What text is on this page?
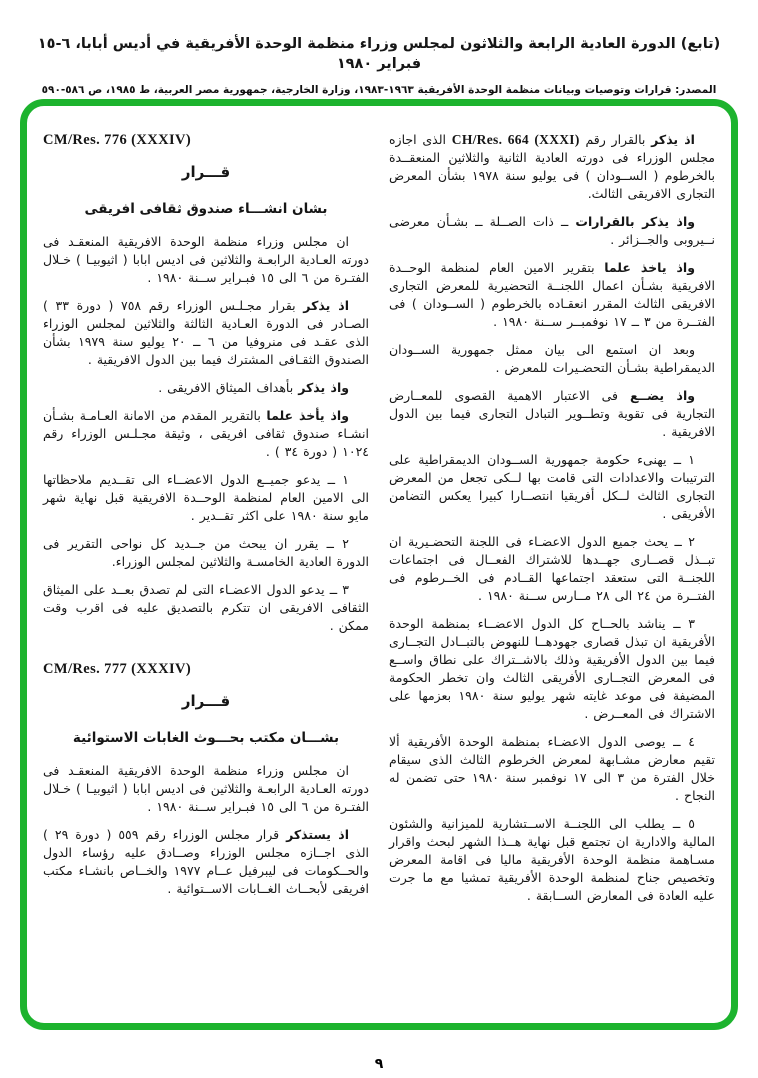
(تابع) الدورة العادية الرابعة والثلاثون لمجلس وزراء منظمة الوحدة الأفريقية في أديس أبابا، ٦-١٥ فبراير ١٩٨٠
المصدر: قرارات وتوصيات وبيانات منظمة الوحدة الأفريقية ١٩٦٣-١٩٨٣، وزارة الخارجية، جمهورية مصر العربية، ط ١٩٨٥، ص ٥٨٦-٥٩٠

اذ يذكر بالقرار رقم CH/Res. 664 (XXXI) الذى اجازه مجلس الوزراء فى دورته العادية الثانية والثلاثين المنعقــدة بالخرطوم ( الســودان ) فى يوليو سنة ١٩٧٨ بشأن المعرض التجارى الافريقى الثالث.

واذ يذكر بالقرارات ــ ذات الصــلة ــ بشـأن معرضى نــيروبى والجــزائر .

واذ ياخذ علما بتقرير الامين العام لمنظمة الوحــدة الافريقية بشـأن اعمال اللجنــة التحضيرية للمعرض التجارى الافريقى الثالث المقرر انعقـاده بالخرطوم ( الســودان ) فى الفتــرة من ٣ ــ ١٧ نوفمبــر ســنة ١٩٨٠ .

وبعد ان استمع الى بيان ممثل جمهورية الســودان الديمقراطية بشـأن التحضـيرات للمعرض .

واذ يضــع فى الاعتبار الاهمية القصوى للمعــارض التجارية فى تقوية وتطــوير التبادل التجارى فيما بين الدول الافريقية .

١ ــ يهنىء حكومة جمهورية الســودان الديمقراطية على الترتيبات والاعدادات التى قامت بها لــكى تجعل من المعرض التجارى الثالث لــكل أفريقيا انتصــارا كبيرا يعكس التضامن الأفريقى .

٢ ــ يحث جميع الدول الاعضـاء فى اللجنة التحضـيرية ان تبــذل قصــارى جهــدها للاشتراك الفعــال فى اجتماعات اللجنــة التى ستعقد اجتماعها القــادم فى الخــرطوم فى الفتــرة من ٢٤ الى ٢٨ مــارس ســنة ١٩٨٠ .

٣ ــ يناشد بالحــاح كل الدول الاعضــاء بمنظمة الوحدة الأفريقية ان تبذل قصارى جهودهــا للنهوض بالتبــادل التجــارى فيما بين الدول الأفريقية وذلك بالاشــتراك على نطاق واســع فى المعرض التجــارى الأفريقى الثالث وان تخطر الحكومة المضيفة فى موعد غايته شهر يوليو سنة ١٩٨٠ بعزمها على الاشتراك فى المعــرض .

٤ ــ يوصى الدول الاعضـاء بمنظمة الوحدة الأفريقية ألا تقيم معارض مشـابهة لمعرض الخرطوم الثالث الذى سيقام خلال الفترة من ٣ الى ١٧ نوفمبر سنة ١٩٨٠ حتى تضمن له النجاح .

٥ ــ يطلب الى اللجنــة الاســتشارية للميزانية والشئون المالية والادارية ان تجتمع قبل نهاية هــذا الشهر لبحث واقرار مسـاهمة منظمة الوحدة الأفريقية ماليا فى اقامة المعرض وتخصيص جناح لمنظمة الوحدة الأفريقية تمشيا مع ما جرت عليه العادة فى المعارض الســابقة .

CM/Res. 776 (XXXIV)

قـــرار

بشان انشـــاء صندوق ثقافى افريقى

ان مجلس وزراء منظمة الوحدة الافريقية المنعقـد فى دورته العـادية الرابعـة والثلاثين فى اديس ابابا ( اثيوبيـا ) خـلال الفتـرة من ٦ الى ١٥ فبـراير ســنة ١٩٨٠ .

اذ يذكر بقرار مجـلـس الوزراء رقم ٧٥٨ ( دورة ٣٣ ) الصـادر فى الدورة العـادية الثالثة والثلاثين لمجلس الوزراء الذى عقـد فى منروفيا من ٦ ــ ٢٠ يوليو سنة ١٩٧٩ بشأن الصندوق الثقـافى المشترك فيما بين الدول الافريقية .

واذ يذكر بأهداف الميثاق الافريقى .

واذ يأخذ علما بالتقرير المقدم من الامانة العـامـة بشـأن انشـاء صندوق ثقافى افريقى ، وثيقة مجـلـس الوزراء رقم ١٠٢٤ ( دورة ٣٤ ) .

١ ــ يدعو جميــع الدول الاعضــاء الى تقــديم ملاحظاتها الى الامين العام لمنظمة الوحــدة الافريقية قبل نهاية شهر مايو سنة ١٩٨٠ على اكثر تقــدير .

٢ ــ يقرر ان يبحث من جــديد كل نواحى التقرير فى الدورة العادية الخامسـة والثلاثين لمجلس الوزراء.

٣ ــ يدعو الدول الاعضـاء التى لم تصدق بعــد على الميثاق الثقافى الافريقى ان تتكرم بالتصديق عليه فى اقرب وقت ممكن .

CM/Res. 777 (XXXIV)

قـــرار

بشـــان مكتب بحـــوث الغابات الاستوائية

ان مجلس وزراء منظمة الوحدة الافريقية المنعقـد فى دورته العـادية الرابعـة والثلاثين فى اديس ابابا ( اثيوبيـا ) خـلال الفتـرة من ٦ الى ١٥ فبـراير ســنة ١٩٨٠ .

اذ يستذكر قرار مجلس الوزراء رقم ٥٥٩ ( دورة ٢٩ ) الذى اجــازه مجلس الوزراء وصــادق عليه رؤساء الدول والحــكومات فى ليبرفيل عــام ١٩٧٧ والخــاص بانشـاء مكتب افريقى لأبحــاث الغــابات الاســتوائية .

٩
